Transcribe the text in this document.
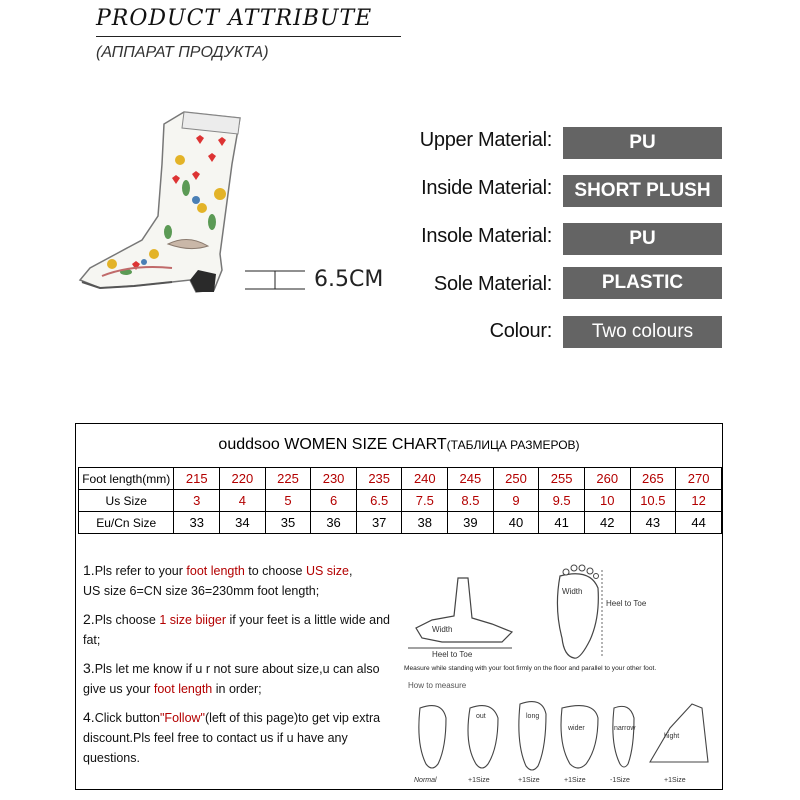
PRODUCT ATTRIBUTE
(АППАРАТ ПРОДУКТА)
6.5CM
Upper Material:	PU
Inside Material:	SHORT PLUSH
Insole Material:	PU
Sole Material:	PLASTIC
Colour:	Two colours
ouddsoo WOMEN SIZE CHART (ТАБЛИЦА РАЗМЕРОВ)
Foot length(mm)	215	220	225	230	235	240	245	250	255	260	265	270
Us Size	3	4	5	6	6.5	7.5	8.5	9	9.5	10	10.5	12
Eu/Cn Size	33	34	35	36	37	38	39	40	41	42	43	44

1.Pls refer to your foot length to choose US size,
US size 6=CN size 36=230mm foot length;

2.Pls choose 1 size biiger if your feet is a little wide and fat;

3.Pls let me know if u r not sure about size,u can also give us your foot length in order;

4.Click button"Follow"(left of this page)to get vip extra discount.Pls feel free to contact us if u have any questions.

Width
Heel to Toe
Width
Heel to Toe
Measure while standing with your foot firmly on the floor and parallel to your other foot.
How to measure
out	long
wider	narrow
hight
Normal	+1Size	+1Size	+1Size	-1Size	+1Size
